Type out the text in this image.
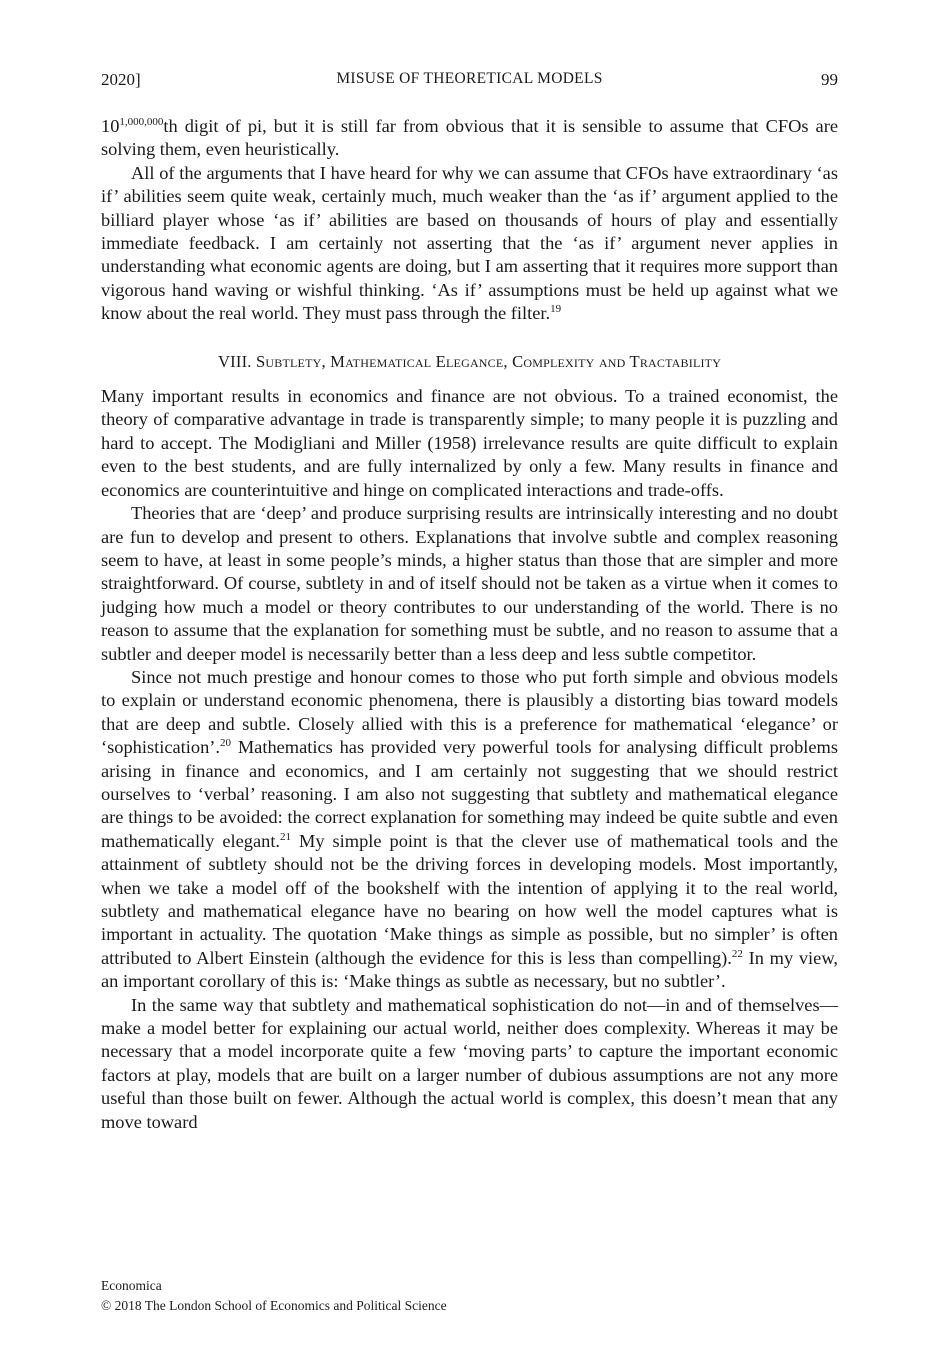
2020]	MISUSE OF THEORETICAL MODELS	99

10$^{1,000,000}$th digit of pi, but it is still far from obvious that it is sensible to assume that CFOs are solving them, even heuristically.

All of the arguments that I have heard for why we can assume that CFOs have extraordinary ‘as if’ abilities seem quite weak, certainly much, much weaker than the ‘as if’ argument applied to the billiard player whose ‘as if’ abilities are based on thousands of hours of play and essentially immediate feedback. I am certainly not asserting that the ‘as if’ argument never applies in understanding what economic agents are doing, but I am asserting that it requires more support than vigorous hand waving or wishful thinking. ‘As if’ assumptions must be held up against what we know about the real world. They must pass through the filter.$^{19}$

VIII. Subtlety, Mathematical Elegance, Complexity and Tractability

Many important results in economics and finance are not obvious. To a trained economist, the theory of comparative advantage in trade is transparently simple; to many people it is puzzling and hard to accept. The Modigliani and Miller (1958) irrelevance results are quite difficult to explain even to the best students, and are fully internalized by only a few. Many results in finance and economics are counterintuitive and hinge on complicated interactions and trade-offs.

Theories that are ‘deep’ and produce surprising results are intrinsically interesting and no doubt are fun to develop and present to others. Explanations that involve subtle and complex reasoning seem to have, at least in some people’s minds, a higher status than those that are simpler and more straightforward. Of course, subtlety in and of itself should not be taken as a virtue when it comes to judging how much a model or theory contributes to our understanding of the world. There is no reason to assume that the explanation for something must be subtle, and no reason to assume that a subtler and deeper model is necessarily better than a less deep and less subtle competitor.

Since not much prestige and honour comes to those who put forth simple and obvious models to explain or understand economic phenomena, there is plausibly a distorting bias toward models that are deep and subtle. Closely allied with this is a preference for mathematical ‘elegance’ or ‘sophistication’.$^{20}$ Mathematics has provided very powerful tools for analysing difficult problems arising in finance and economics, and I am certainly not suggesting that we should restrict ourselves to ‘verbal’ reasoning. I am also not suggesting that subtlety and mathematical elegance are things to be avoided: the correct explanation for something may indeed be quite subtle and even mathematically elegant.$^{21}$ My simple point is that the clever use of mathematical tools and the attainment of subtlety should not be the driving forces in developing models. Most importantly, when we take a model off of the bookshelf with the intention of applying it to the real world, subtlety and mathematical elegance have no bearing on how well the model captures what is important in actuality. The quotation ‘Make things as simple as possible, but no simpler’ is often attributed to Albert Einstein (although the evidence for this is less than compelling).$^{22}$ In my view, an important corollary of this is: ‘Make things as subtle as necessary, but no subtler’.

In the same way that subtlety and mathematical sophistication do not—in and of themselves—make a model better for explaining our actual world, neither does complexity. Whereas it may be necessary that a model incorporate quite a few ‘moving parts’ to capture the important economic factors at play, models that are built on a larger number of dubious assumptions are not any more useful than those built on fewer. Although the actual world is complex, this doesn’t mean that any move toward

Economica
© 2018 The London School of Economics and Political Science
